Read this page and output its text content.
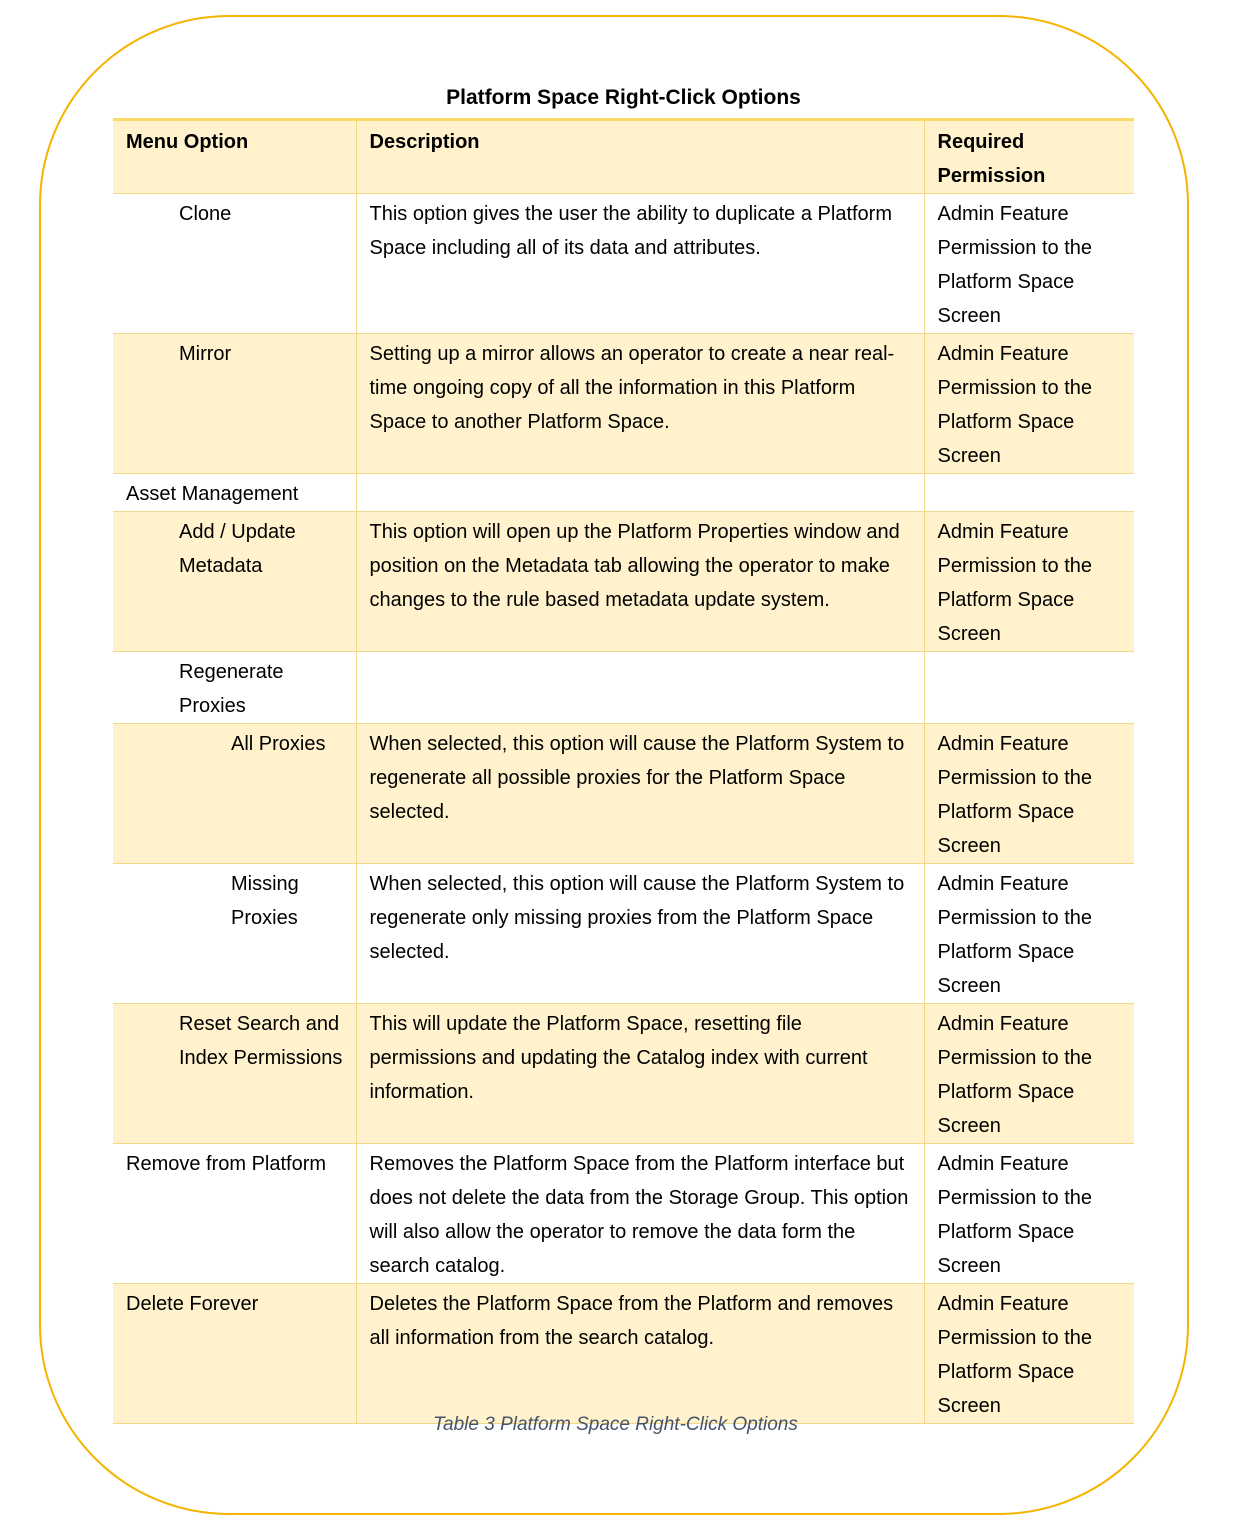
Platform Space Right-Click Options
Menu Option	Description	Required Permission
Clone	This option gives the user the ability to duplicate a Platform Space including all of its data and attributes.	Admin Feature Permission to the Platform Space Screen
Mirror	Setting up a mirror allows an operator to create a near real-time ongoing copy of all the information in this Platform Space to another Platform Space.	Admin Feature Permission to the Platform Space Screen
Asset Management		
Add / Update Metadata	This option will open up the Platform Properties window and position on the Metadata tab allowing the operator to make changes to the rule based metadata update system.	Admin Feature Permission to the Platform Space Screen
Regenerate Proxies		
All Proxies	When selected, this option will cause the Platform System to regenerate all possible proxies for the Platform Space selected.	Admin Feature Permission to the Platform Space Screen
Missing Proxies	When selected, this option will cause the Platform System to regenerate only missing proxies from the Platform Space selected.	Admin Feature Permission to the Platform Space Screen
Reset Search and Index Permissions	This will update the Platform Space, resetting file permissions and updating the Catalog index with current information.	Admin Feature Permission to the Platform Space Screen
Remove from Platform	Removes the Platform Space from the Platform interface but does not delete the data from the Storage Group. This option will also allow the operator to remove the data form the search catalog.	Admin Feature Permission to the Platform Space Screen
Delete Forever	Deletes the Platform Space from the Platform and removes all information from the search catalog.	Admin Feature Permission to the Platform Space Screen
Table 3 Platform Space Right-Click Options
